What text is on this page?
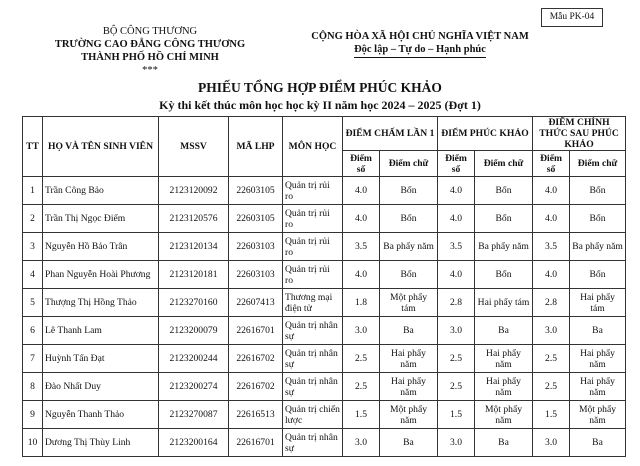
Mẫu PK-04
BỘ CÔNG THƯƠNG
TRƯỜNG CAO ĐẲNG CÔNG THƯƠNG
THÀNH PHỐ HỒ CHÍ MINH
***
CỘNG HÒA XÃ HỘI CHỦ NGHĨA VIỆT NAM
Độc lập – Tự do – Hạnh phúc
PHIẾU TỔNG HỢP ĐIỂM PHÚC KHẢO
Kỳ thi kết thúc môn học học kỳ II năm học 2024 – 2025 (Đợt 1)
TT	HỌ VÀ TÊN SINH VIÊN	MSSV	MÃ LHP	MÔN HỌC	ĐIỂM CHẤM LẦN 1		ĐIỂM PHÚC KHẢO		ĐIỂM CHÍNH THỨC SAU PHÚC KHẢO	
					Điểm số	Điểm chữ	Điểm số	Điểm chữ	Điểm số	Điểm chữ
1	Trần Công Bảo	2123120092	22603105	Quản trị rủi ro	4.0	Bốn	4.0	Bốn	4.0	Bốn
2	Trần Thị Ngọc Điểm	2123120576	22603105	Quản trị rủi ro	4.0	Bốn	4.0	Bốn	4.0	Bốn
3	Nguyễn Hồ Bảo Trân	2123120134	22603103	Quản trị rủi ro	3.5	Ba phẩy năm	3.5	Ba phẩy năm	3.5	Ba phẩy năm
4	Phan Nguyễn Hoài Phương	2123120181	22603103	Quản trị rủi ro	4.0	Bốn	4.0	Bốn	4.0	Bốn
5	Thượng Thị Hồng Thảo	2123270160	22607413	Thương mại điện tử	1.8	Một phẩy tám	2.8	Hai phẩy tám	2.8	Hai phẩy tám
6	Lê Thanh Lam	2123200079	22616701	Quản trị nhân sự	3.0	Ba	3.0	Ba	3.0	Ba
7	Huỳnh Tấn Đạt	2123200244	22616702	Quản trị nhân sự	2.5	Hai phẩy năm	2.5	Hai phẩy năm	2.5	Hai phẩy năm
8	Đào Nhất Duy	2123200274	22616702	Quản trị nhân sự	2.5	Hai phẩy năm	2.5	Hai phẩy năm	2.5	Hai phẩy năm
9	Nguyễn Thanh Thảo	2123270087	22616513	Quản trị chiến lược	1.5	Một phẩy năm	1.5	Một phẩy năm	1.5	Một phẩy năm
10	Dương Thị Thùy Linh	2123200164	22616701	Quản trị nhân sự	3.0	Ba	3.0	Ba	3.0	Ba
